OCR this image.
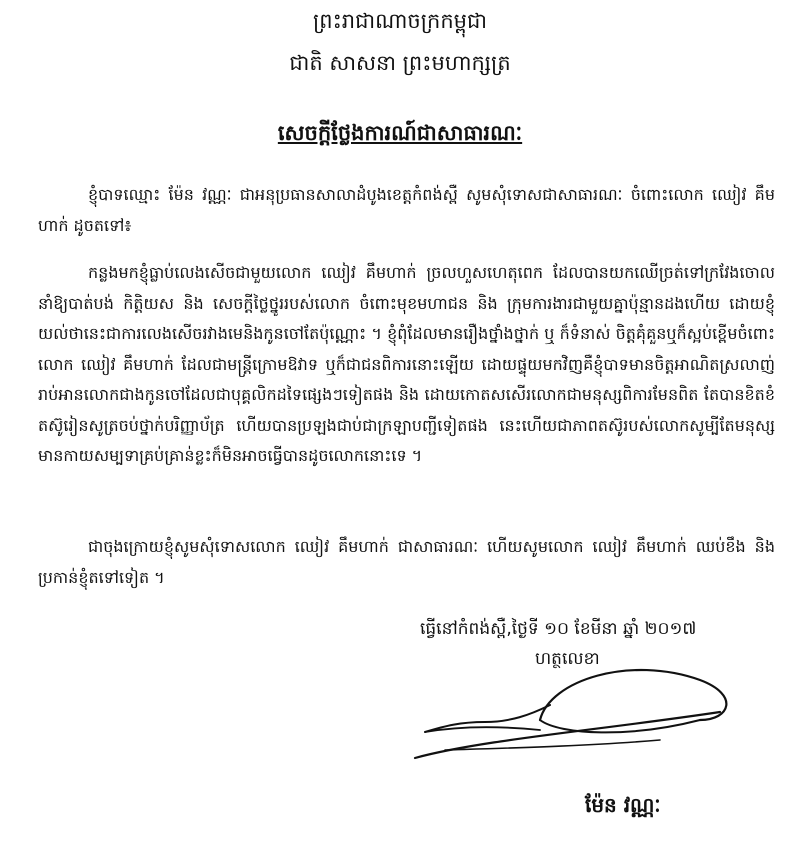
ព្រះរាជាណាចក្រកម្ពុជា
ជាតិ សាសនា ព្រះមហាក្សត្រ
សេចក្តីថ្លែងការណ៍ជាសាធារណៈ

ខ្ញុំបាទឈ្មោះ ម៉ែន វណ្ណៈ ជាអនុប្រធានសាលាដំបូងខេត្តកំពង់ស្ពឺ សូមសុំទោសជាសាធារណៈ ចំពោះលោក ឈៀវ គឹមហាក់ ដូចតទៅ៖

កន្លងមកខ្ញុំធ្លាប់លេងសើចជាមួយលោក ឈៀវ គឹមហាក់ ច្រលហួសហេតុពេក ដែលបានយកឈើច្រត់ទៅក្រវែងចោល នាំឱ្យបាត់បង់ កិត្តិយស និង សេចក្តីថ្លៃថ្នូររបស់លោក ចំពោះមុខមហាជន និង ក្រុមការងារជាមួយគ្នាប៉ុន្មានដងហើយ ដោយខ្ញុំយល់ថានេះជាការលេងសើចរវាងមេនិងកូនចៅតែប៉ុណ្ណោះ ។ ខ្ញុំពុំដែលមានរឿងថ្នាំងថ្នាក់ ឬ ក៏ទំនាស់ ចិត្តគុំគួនឬក៏ស្អប់ខ្ពើមចំពោះលោក ឈៀវ គឹមហាក់ ដែលជាមន្ត្រីក្រោមឱវាទ ឬក៏ជាជនពិការនោះឡើយ ដោយផ្ទុយមកវិញគឺខ្ញុំបាទមានចិត្តអាណិតស្រលាញ់រាប់អានលោកជាងកូនចៅដែលជាបុគ្គលិកដទៃផ្សេងៗទៀតផង និង ដោយកោតសសើរលោកជាមនុស្សពិការមែនពិត តែបានខិតខំ តស៊ូរៀនសូត្រចប់ថ្នាក់បរិញ្ញាប័ត្រ ហើយបានប្រឡងជាប់ជាក្រឡាបញ្ជីទៀតផង នេះហើយជាភាពតស៊ូរបស់លោកសូម្បីតែមនុស្សមានកាយសម្បទាគ្រប់គ្រាន់ខ្លះក៏មិនអាចធ្វើបានដូចលោកនោះទេ ។

ជាចុងក្រោយខ្ញុំសូមសុំទោសលោក ឈៀវ គឹមហាក់ ជាសាធារណៈ ហើយសូមលោក ឈៀវ គឹមហាក់ ឈប់ខឹង និង ប្រកាន់ខ្ញុំតទៅទៀត ។

ធ្វើនៅកំពង់ស្ពឺ,ថ្ងៃទី ១០ ខែមីនា ឆ្នាំ ២០១៧
ហត្ថលេខា
ម៉ែន វណ្ណៈ
